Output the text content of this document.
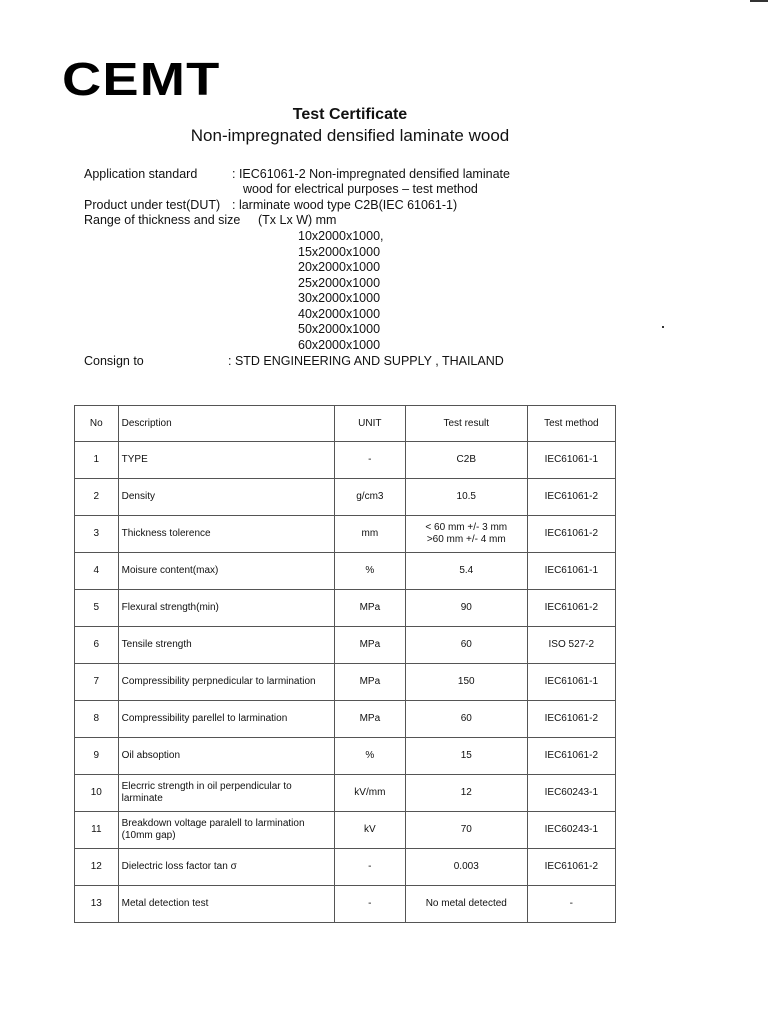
CEMT
Test Certificate
Non-impregnated densified laminate wood
Application standard	: IEC61061-2 Non-impregnated densified laminate
wood for electrical purposes – test method
Product under test(DUT) : larminate wood type C2B(IEC 61061-1)
Range of thickness and size (Tx Lx W) mm
10x2000x1000,
15x2000x1000
20x2000x1000
25x2000x1000
30x2000x1000
40x2000x1000
50x2000x1000
60x2000x1000
Consign to	: STD ENGINEERING AND SUPPLY , THAILAND
No	Description	UNIT	Test result	Test method

1	TYPE	-	C2B	IEC61061-1

2	Density	g/cm3	10.5	IEC61061-2

3	Thickness tolerence	mm	< 60 mm +/- 3 mm
>60 mm +/- 4 mm	IEC61061-2

4	Moisure content(max)	%	5.4	IEC61061-1

5	Flexural strength(min)	MPa	90	IEC61061-2

6	Tensile strength	MPa	60	ISO 527-2

7	Compressibility perpnedicular to larmination	MPa	150	IEC61061-1

8	Compressibility parellel to larmination	MPa	60	IEC61061-2

9	Oil absoption	%	15	IEC61061-2

10	Elecrric strength in oil perpendicular to
larminate	kV/mm	12	IEC60243-1

11	Breakdown voltage paralell to larmination
(10mm gap)	kV	70	IEC60243-1

12	Dielectric loss factor tan σ	-	0.003	IEC61061-2

13	Metal detection test	-	No metal detected	-
